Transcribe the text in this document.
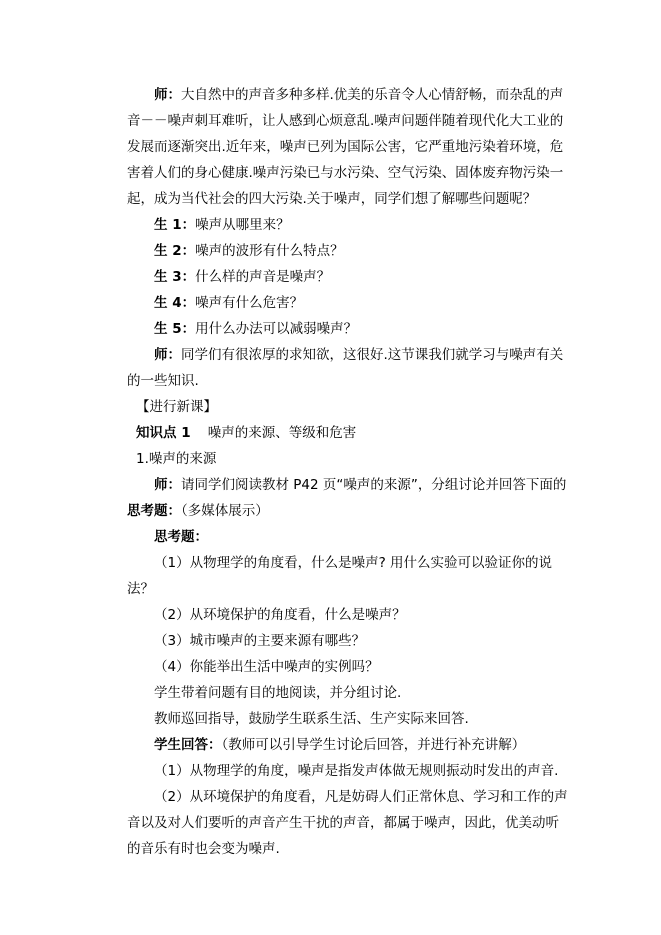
师：大自然中的声音多种多样.优美的乐音令人心情舒畅，而杂乱的声音－－噪声刺耳难听，让人感到心烦意乱.噪声问题伴随着现代化大工业的发展而逐渐突出.近年来，噪声已列为国际公害，它严重地污染着环境，危害着人们的身心健康.噪声污染已与水污染、空气污染、固体废弃物污染一起，成为当代社会的四大污染.关于噪声，同学们想了解哪些问题呢？

生 1：噪声从哪里来？

生 2：噪声的波形有什么特点？

生 3：什么样的声音是噪声？

生 4：噪声有什么危害？

生 5：用什么办法可以减弱噪声？

师：同学们有很浓厚的求知欲，这很好.这节课我们就学习与噪声有关的一些知识.

【进行新课】

知识点 1 噪声的来源、等级和危害

1.噪声的来源

师：请同学们阅读教材 P42 页“噪声的来源”，分组讨论并回答下面的思考题：（多媒体展示）

思考题：

（1）从物理学的角度看，什么是噪声? 用什么实验可以验证你的说法？

（2）从环境保护的角度看，什么是噪声？

（3）城市噪声的主要来源有哪些？

（4）你能举出生活中噪声的实例吗？

学生带着问题有目的地阅读，并分组讨论.

教师巡回指导，鼓励学生联系生活、生产实际来回答.

学生回答：（教师可以引导学生讨论后回答，并进行补充讲解）

（1）从物理学的角度，噪声是指发声体做无规则振动时发出的声音.

（2）从环境保护的角度看，凡是妨碍人们正常休息、学习和工作的声音以及对人们要听的声音产生干扰的声音，都属于噪声，因此，优美动听的音乐有时也会变为噪声.
